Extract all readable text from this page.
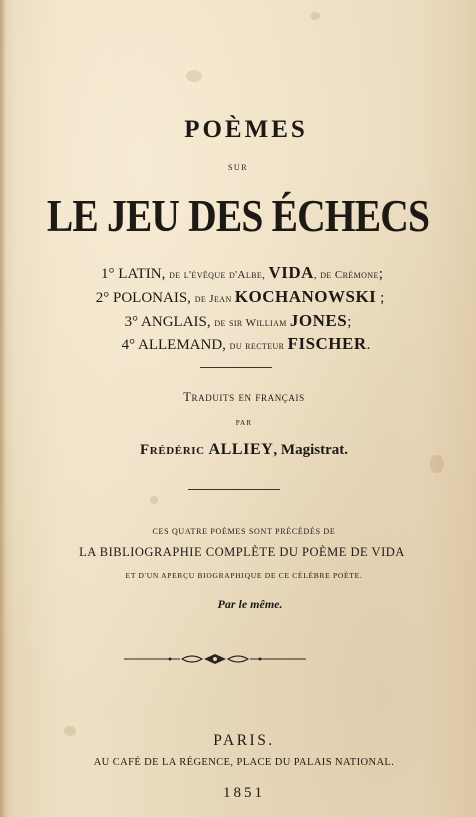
POÈMES
SUR
LE JEU DES ÉCHECS
1° LATIN, de l'évêque d'Albe, VIDA, de Crémone;
2° POLONAIS, de Jean KOCHANOWSKI ;
3° ANGLAIS, de sir William JONES;
4° ALLEMAND, du recteur FISCHER.
Traduits en français
PAR
Frédéric ALLIEY, Magistrat.
CES QUATRE POÈMES SONT PRÉCÉDÉS DE
LA BIBLIOGRAPHIE COMPLÈTE DU POÈME DE VIDA
ET D'UN APERÇU BIOGRAPHIQUE DE CE CÉLÈBRE POÈTE.
Par le même.
PARIS.
AU CAFÉ DE LA RÉGENCE, PLACE DU PALAIS NATIONAL.
1851
